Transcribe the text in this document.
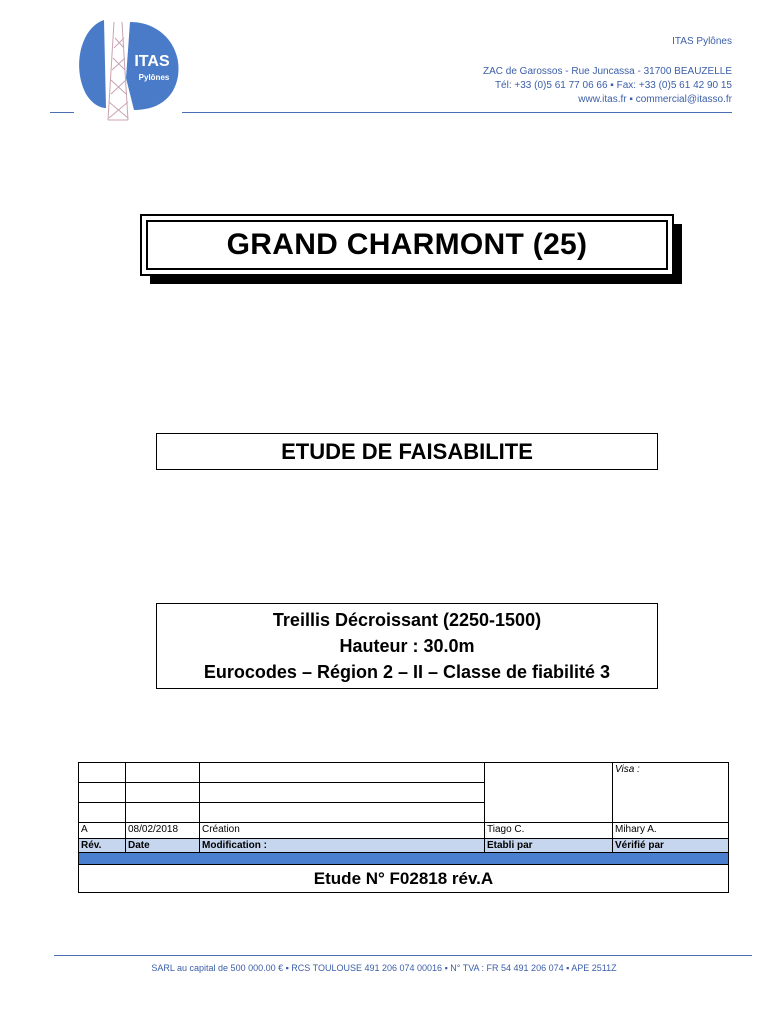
ITAS
Pylônes
ITAS Pylônes
ZAC de Garossos - Rue Juncassa - 31700 BEAUZELLE
Tél: +33 (0)5 61 77 06 66 ▪ Fax: +33 (0)5 61 42 90 15
www.itas.fr ▪ commercial@itasso.fr
GRAND CHARMONT (25)
ETUDE DE FAISABILITE
Treillis Décroissant (2250-1500)
Hauteur : 30.0m
Eurocodes – Région 2 – II – Classe de fiabilité 3
				Visa :

A	08/02/2018	Création	Tiago C.	Mihary A.
Rév.	Date	Modification :	Etabli par	Vérifié par

Etude N° F02818 rév.A				
SARL au capital de 500 000.00 € ▪ RCS TOULOUSE 491 206 074 00016 ▪ N° TVA : FR 54 491 206 074 ▪ APE 2511Z
